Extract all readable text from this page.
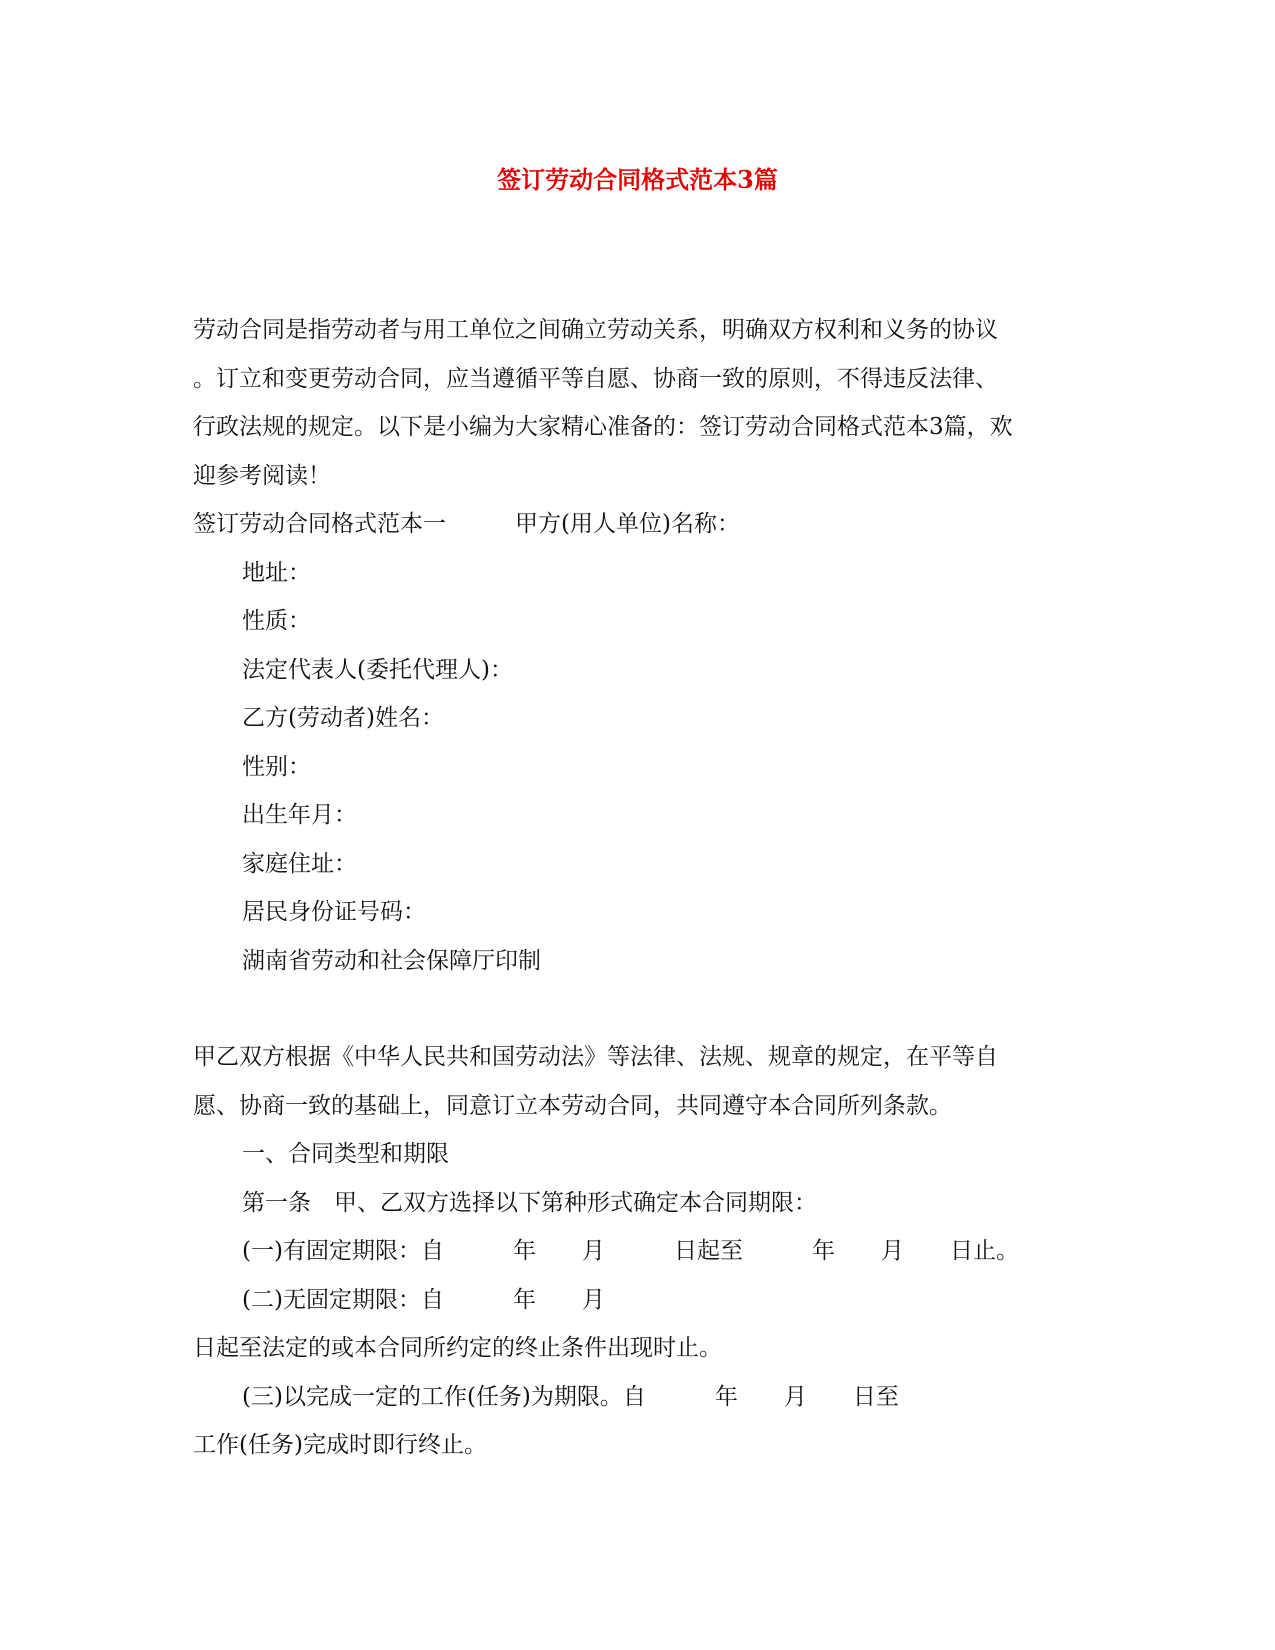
签订劳动合同格式范本3篇
劳动合同是指劳动者与用工单位之间确立劳动关系，明确双方权利和义务的协议
。订立和变更劳动合同，应当遵循平等自愿、协商一致的原则，不得违反法律、
行政法规的规定。以下是小编为大家精心准备的：签订劳动合同格式范本3篇，欢
迎参考阅读！
签订劳动合同格式范本一　　　甲方(用人单位)名称：
地址：
性质：
法定代表人(委托代理人)：
乙方(劳动者)姓名：
性别：
出生年月：
家庭住址：
居民身份证号码：
湖南省劳动和社会保障厅印制
甲乙双方根据《中华人民共和国劳动法》等法律、法规、规章的规定，在平等自
愿、协商一致的基础上，同意订立本劳动合同，共同遵守本合同所列条款。
一、合同类型和期限
第一条　甲、乙双方选择以下第种形式确定本合同期限：
(一)有固定期限：自　　　年　　月　　　日起至　　　年　　月　　日止。
(二)无固定期限：自　　　年　　月
日起至法定的或本合同所约定的终止条件出现时止。
(三)以完成一定的工作(任务)为期限。自　　　年　　月　　日至
工作(任务)完成时即行终止。
